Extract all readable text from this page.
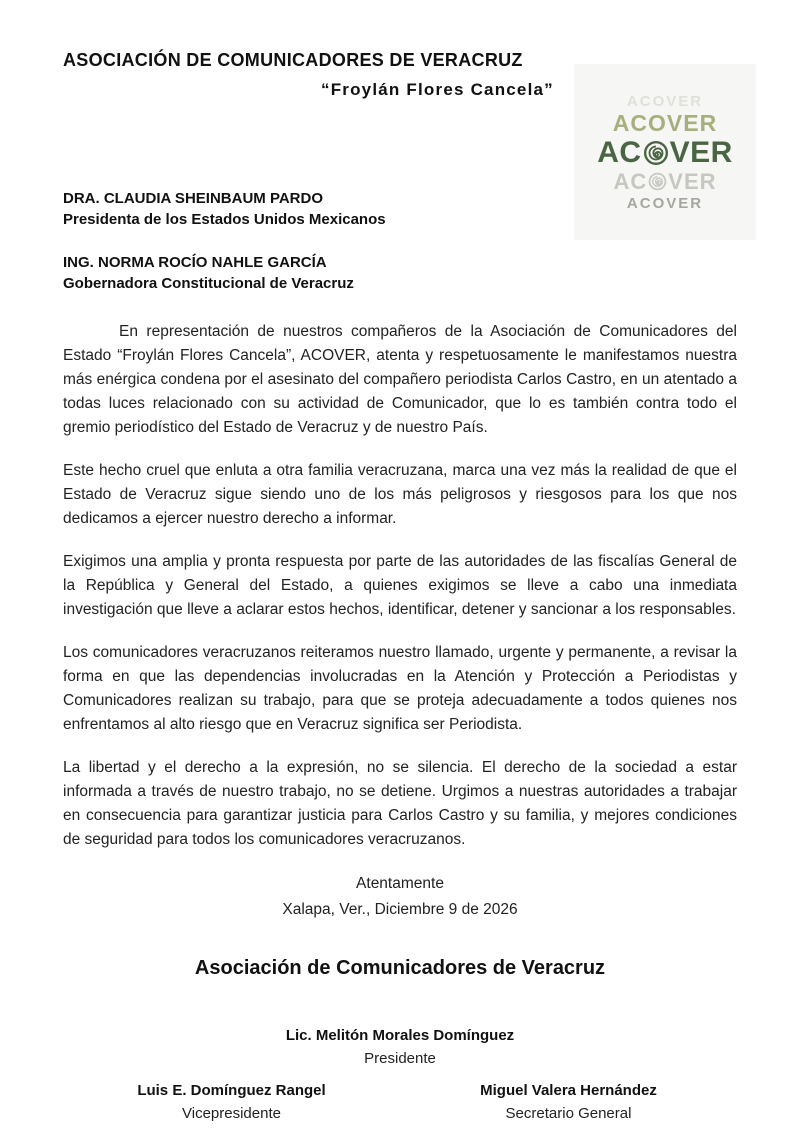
ASOCIACIÓN DE COMUNICADORES DE VERACRUZ
“Froylán Flores Cancela”
ACOVER
ACOVER
AC VER
AC VER
ACOVER
DRA. CLAUDIA SHEINBAUM PARDO
Presidenta de los Estados Unidos Mexicanos
ING. NORMA ROCÍO NAHLE GARCÍA
Gobernadora Constitucional de Veracruz

En representación de nuestros compañeros de la Asociación de Comunicadores del Estado “Froylán Flores Cancela”, ACOVER, atenta y respetuosamente le manifestamos nuestra más enérgica condena por el asesinato del compañero periodista Carlos Castro, en un atentado a todas luces relacionado con su actividad de Comunicador, que lo es también contra todo el gremio periodístico del Estado de Veracruz y de nuestro País.

Este hecho cruel que enluta a otra familia veracruzana, marca una vez más la realidad de que el Estado de Veracruz sigue siendo uno de los más peligrosos y riesgosos para los que nos dedicamos a ejercer nuestro derecho a informar.

Exigimos una amplia y pronta respuesta por parte de las autoridades de las fiscalías General de la República y General del Estado, a quienes exigimos se lleve a cabo una inmediata investigación que lleve a aclarar estos hechos, identificar, detener y sancionar a los responsables.

Los comunicadores veracruzanos reiteramos nuestro llamado, urgente y permanente, a revisar la forma en que las dependencias involucradas en la Atención y Protección a Periodistas y Comunicadores realizan su trabajo, para que se proteja adecuadamente a todos quienes nos enfrentamos al alto riesgo que en Veracruz significa ser Periodista.

La libertad y el derecho a la expresión, no se silencia. El derecho de la sociedad a estar informada a través de nuestro trabajo, no se detiene. Urgimos a nuestras autoridades a trabajar en consecuencia para garantizar justicia para Carlos Castro y su familia, y mejores condiciones de seguridad para todos los comunicadores veracruzanos.

Atentamente
Xalapa, Ver., Diciembre 9 de 2026
Asociación de Comunicadores de Veracruz
Lic. Melitón Morales Domínguez
Presidente
Luis E. Domínguez Rangel
Vicepresidente
Miguel Valera Hernández
Secretario General
